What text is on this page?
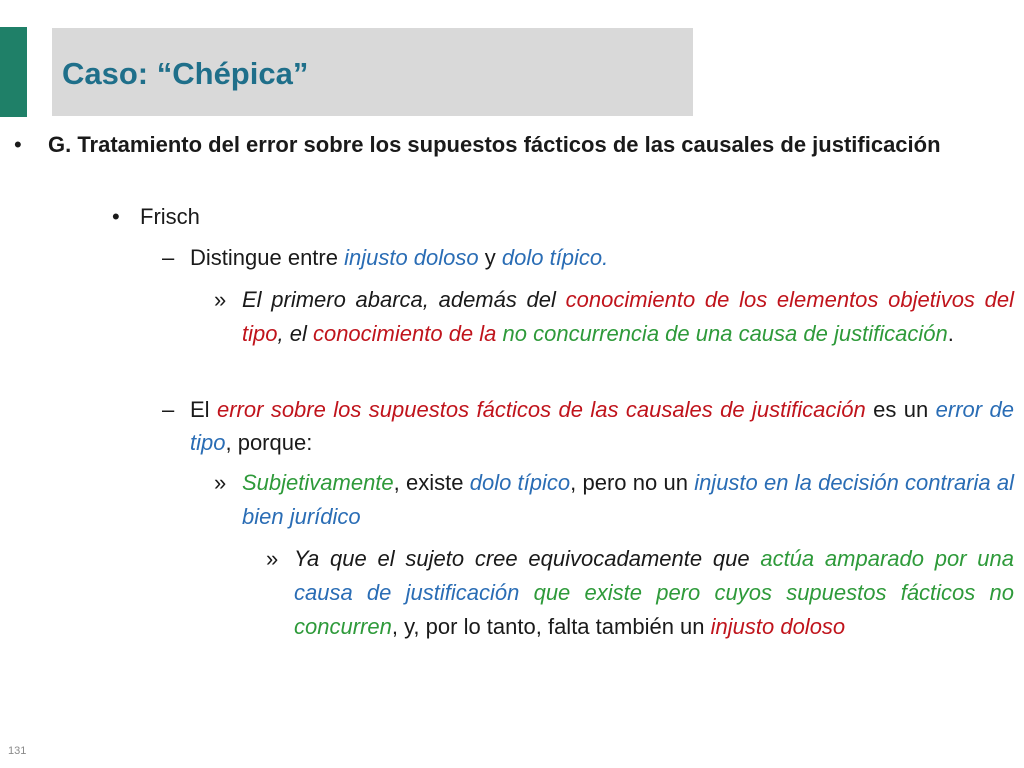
Caso: “Chépica”
• G. Tratamiento del error sobre los supuestos fácticos de las causales de justificación

• Frisch

– Distingue entre injusto doloso y dolo típico.

» El primero abarca, además del conocimiento de los elementos objetivos del tipo, el conocimiento de la no concurrencia de una causa de justificación.

– El error sobre los supuestos fácticos de las causales de justificación es un error de tipo, porque:

» Subjetivamente, existe dolo típico, pero no un injusto en la decisión contraria al bien jurídico

» Ya que el sujeto cree equivocadamente que actúa amparado por una causa de justificación que existe pero cuyos supuestos fácticos no concurren, y, por lo tanto, falta también un injusto doloso

131
